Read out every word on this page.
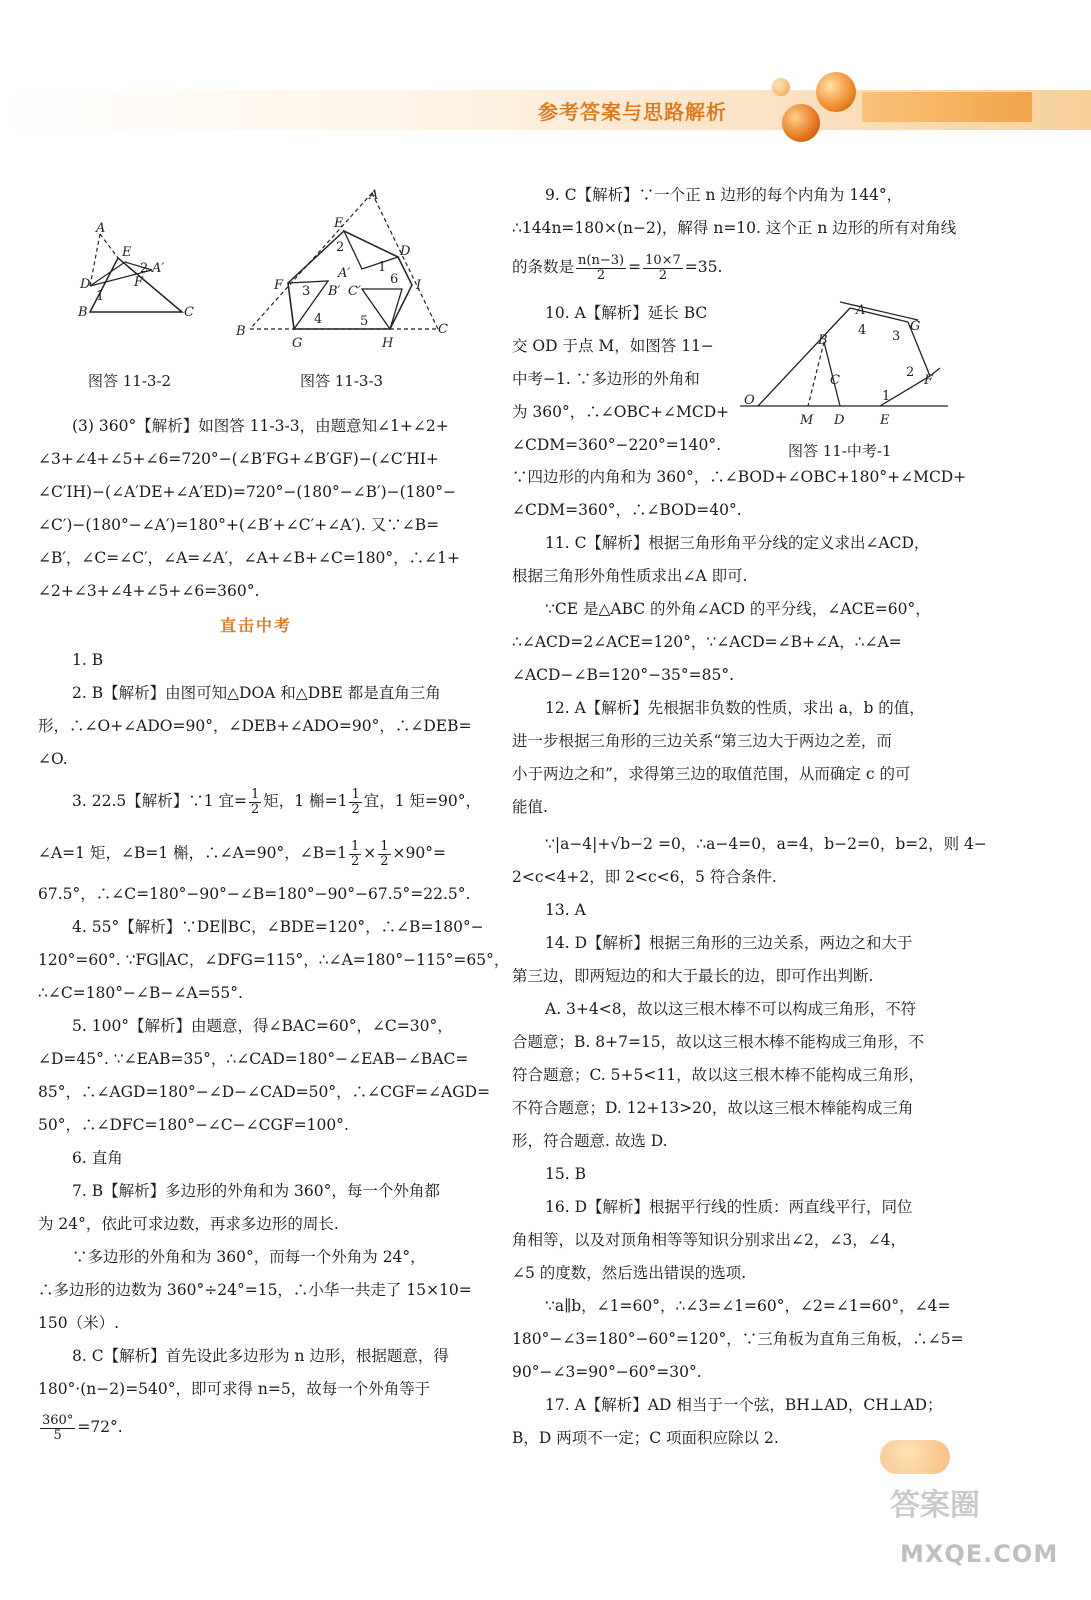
参考答案与思路解析
A
E
A′
F
D
1
2
B	C
图答 11-3-2
A
E
D
2
1
6
A′
B′ C′
F 3
4	5
I
B	C
G	H
图答 11-3-3
(3) 360°【解析】如图答 11-3-3，由题意知∠1+∠2+
∠3+∠4+∠5+∠6=720°−(∠B′FG+∠B′GF)−(∠C′HI+
∠C′IH)−(∠A′DE+∠A′ED)=720°−(180°−∠B′)−(180°−
∠C′)−(180°−∠A′)=180°+(∠B′+∠C′+∠A′). 又∵∠B=
∠B′，∠C=∠C′，∠A=∠A′，∠A+∠B+∠C=180°，∴∠1+
∠2+∠3+∠4+∠5+∠6=360°.
直击中考
1. B
2. B【解析】由图可知△DOA 和△DBE 都是直角三角
形，∴∠O+∠ADO=90°，∠DEB+∠ADO=90°，∴∠DEB=
∠O.
3. 22.5【解析】∵1 宜= $\frac{1}{2}$ 矩，1 槲$=1 \frac{1}{2}$ 宜，1 矩=90°，
∠A=1 矩，∠B=1 槲，∴∠A=90°，∠B=1 $\frac{1}{2} \times \frac{1}{2} \times 90^\circ=$
67.5°，∴∠C=180°−90°−∠B=180°−90°−67.5°=22.5°.
4. 55°【解析】∵DE∥BC，∠BDE=120°，∴∠B=180°−
120°=60°. ∵FG∥AC，∠DFG=115°，∴∠A=180°−115°=65°，
∴∠C=180°−∠B−∠A=55°.
5. 100°【解析】由题意，得∠BAC=60°，∠C=30°，
∠D=45°. ∵∠EAB=35°，∴∠CAD=180°−∠EAB−∠BAC=
85°，∴∠AGD=180°−∠D−∠CAD=50°，∴∠CGF=∠AGD=
50°，∴∠DFC=180°−∠C−∠CGF=100°.
6. 直角
7. B【解析】多边形的外角和为 360°，每一个外角都
为 24°，依此可求边数，再求多边形的周长.
∵多边形的外角和为 360°，而每一个外角为 24°，
∴多边形的边数为 360°÷24°=15，∴小华一共走了 15×10=
150（米）.
8. C【解析】首先设此多边形为 n 边形，根据题意，得
180°·(n−2)=540°，即可求得 n=5，故每一个外角等于
$\frac{360^\circ}{5} =72^\circ$.
9. C【解析】∵一个正 n 边形的每个内角为 144°，
∴144n=180×(n−2)，解得 n=10. 这个正 n 边形的所有对角线
的条数是 $\frac{n(n-3)}{2} = \frac{10\times 7}{2} =35$.
10. A【解析】延长 BC
交 OD 于点 M，如图答 11−
中考−1. ∵多边形的外角和
为 360°，∴∠OBC+∠MCD+
∠CDM=360°−220°=140°.
O
A
4	G
3
B
C
2
F
1
M D	E
图答 11-中考-1
∵四边形的内角和为 360°，∴∠BOD+∠OBC+180°+∠MCD+
∠CDM=360°，∴∠BOD=40°.
11. C【解析】根据三角形角平分线的定义求出∠ACD，
根据三角形外角性质求出∠A 即可.
∵CE 是△ABC 的外角∠ACD 的平分线，∠ACE=60°，
∴∠ACD=2∠ACE=120°，∵∠ACD=∠B+∠A，∴∠A=
∠ACD−∠B=120°−35°=85°.
12. A【解析】先根据非负数的性质，求出 a，b 的值，
进一步根据三角形的三边关系“第三边大于两边之差，而
小于两边之和”，求得第三边的取值范围，从而确定 c 的可
能值.
∵|a−4|+√b−2 =0，∴a−4=0，a=4，b−2=0，b=2，则 4−
2<c<4+2，即 2<c<6，5 符合条件.
13. A
14. D【解析】根据三角形的三边关系，两边之和大于
第三边，即两短边的和大于最长的边，即可作出判断.
A. 3+4<8，故以这三根木棒不可以构成三角形，不符
合题意；B. 8+7=15，故以这三根木棒不能构成三角形，不
符合题意；C. 5+5<11，故以这三根木棒不能构成三角形，
不符合题意；D. 12+13>20，故以这三根木棒能构成三角
形，符合题意. 故选 D.
15. B
16. D【解析】根据平行线的性质：两直线平行，同位
角相等，以及对顶角相等等知识分别求出∠2，∠3，∠4，
∠5 的度数，然后选出错误的选项.
∵a∥b，∠1=60°，∴∠3=∠1=60°，∠2=∠1=60°，∠4=
180°−∠3=180°−60°=120°，∵三角板为直角三角板，∴∠5=
90°−∠3=90°−60°=30°.
17. A【解析】AD 相当于一个弦，BH⊥AD，CH⊥AD；
B，D 两项不一定；C 项面积应除以 2.
答案圈
MXQE.COM
